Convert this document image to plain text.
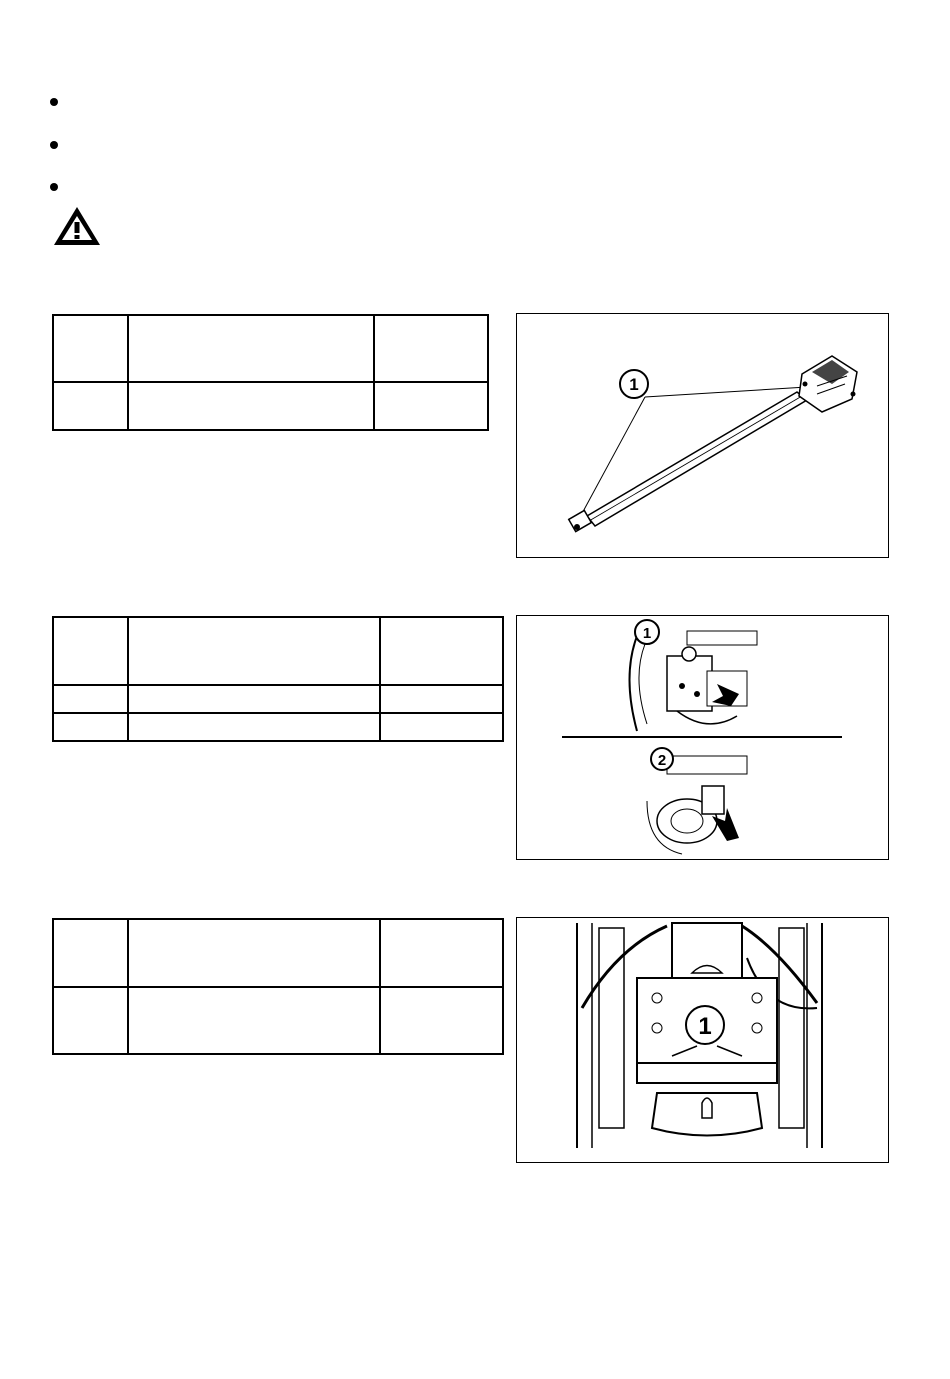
1
1
2
1
